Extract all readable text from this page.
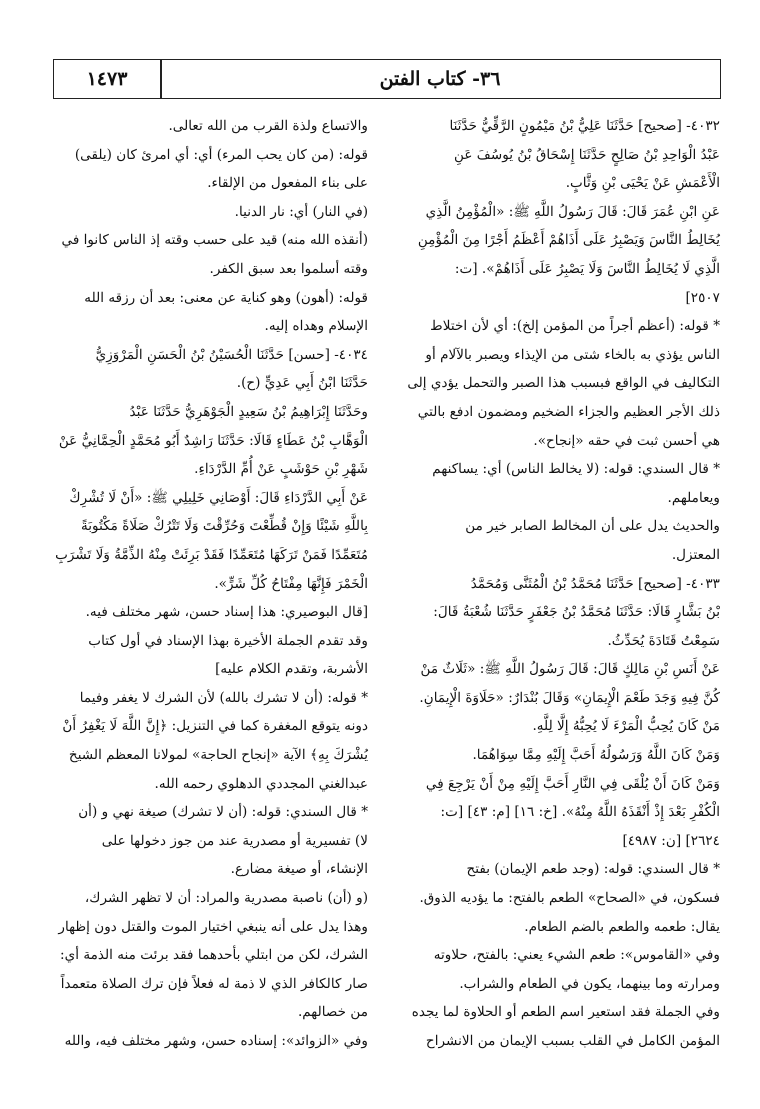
٣٦- كتاب الفتن
١٤٧٣

٤٠٣٢- [صحيح] حَدَّثَنَا عَلِيُّ بْنُ مَيْمُونٍ الرَّقِّيُّ حَدَّثَنَا

عَبْدُ الْوَاحِدِ بْنُ صَالِحٍ حَدَّثَنَا إِسْحَاقُ بْنُ يُوسُفَ عَنِ

الْأَعْمَشِ عَنْ يَحْيَى بْنِ وَثَّابٍ.

عَنِ ابْنِ عُمَرَ قَالَ: قَالَ رَسُولُ اللَّهِ ﷺ: «الْمُؤْمِنُ الَّذِي

يُخَالِطُ النَّاسَ وَيَصْبِرُ عَلَى أَذَاهُمْ أَعْظَمُ أَجْرًا مِنَ الْمُؤْمِنِ

الَّذِي لَا يُخَالِطُ النَّاسَ وَلَا يَصْبِرُ عَلَى أَذَاهُمْ». [ت:

٢٥٠٧]

* قوله: (أعظم أجراً من المؤمن إلخ): أي لأن اختلاط

الناس يؤذي به بالخاء شتى من الإيذاء ويصبر بالآلام أو

التكاليف في الواقع فبسبب هذا الصبر والتحمل يؤدي إلى

ذلك الأجر العظيم والجزاء الضخيم ومضمون ادفع بالتي

هي أحسن ثبت في حقه «إنجاح».

* قال السندي: قوله: (لا يخالط الناس) أي: يساكنهم

ويعاملهم.

والحديث يدل على أن المخالط الصابر خير من

المعتزل.

٤٠٣٣- [صحيح] حَدَّثَنَا مُحَمَّدُ بْنُ الْمُثَنَّى وَمُحَمَّدُ

بْنُ بَشَّارٍ قَالَا: حَدَّثَنَا مُحَمَّدُ بْنُ جَعْفَرٍ حَدَّثَنَا شُعْبَةُ قَالَ:

سَمِعْتُ قَتَادَةَ يُحَدِّثُ.

عَنْ أَنَسِ بْنِ مَالِكٍ قَالَ: قَالَ رَسُولُ اللَّهِ ﷺ: «ثَلَاثٌ مَنْ

كُنَّ فِيهِ وَجَدَ طَعْمَ الْإِيمَانِ» وَقَالَ بُنْدَارٌ: «حَلَاوَةَ الْإِيمَانِ.

مَنْ كَانَ يُحِبُّ الْمَرْءَ لَا يُحِبُّهُ إِلَّا لِلَّهِ.

وَمَنْ كَانَ اللَّهُ وَرَسُولُهُ أَحَبَّ إِلَيْهِ مِمَّا سِوَاهُمَا.

وَمَنْ كَانَ أَنْ يُلْقَى فِي النَّارِ أَحَبَّ إِلَيْهِ مِنْ أَنْ يَرْجِعَ فِي

الْكُفْرِ بَعْدَ إِذْ أَنْقَذَهُ اللَّهُ مِنْهُ». [خ: ١٦] [م: ٤٣] [ت:

٢٦٢٤] [ن: ٤٩٨٧]

* قال السندي: قوله: (وجد طعم الإيمان) بفتح

فسكون، في «الصحاح» الطعم بالفتح: ما يؤديه الذوق.

يقال: طعمه والطعم بالضم الطعام.

وفي «القاموس»: طعم الشيء يعني: بالفتح، حلاوته

ومرارته وما بينهما، يكون في الطعام والشراب.

وفي الجملة فقد استعير اسم الطعم أو الحلاوة لما يجده

المؤمن الكامل في القلب بسبب الإيمان من الانشراح

والاتساع ولذة القرب من الله تعالى.

قوله: (من كان يحب المرء) أي: أي امرئ كان (يلقى)

على بناء المفعول من الإلقاء.

(في النار) أي: نار الدنيا.

(أنقذه الله منه) قيد على حسب وقته إذ الناس كانوا في

وقته أسلموا بعد سبق الكفر.

قوله: (أهون) وهو كناية عن معنى: بعد أن رزقه الله

الإسلام وهداه إليه.

٤٠٣٤- [حسن] حَدَّثَنَا الْحُسَيْنُ بْنُ الْحَسَنِ الْمَرْوَزِيُّ

حَدَّثَنَا ابْنُ أَبِي عَدِيٍّ (ح).

وحَدَّثَنَا إِبْرَاهِيمُ بْنُ سَعِيدٍ الْجَوْهَرِيُّ حَدَّثَنَا عَبْدُ

الْوَهَّابِ بْنُ عَطَاءٍ قَالَا: حَدَّثَنَا رَاشِدٌ أَبُو مُحَمَّدٍ الْحِمَّانِيُّ عَنْ

شَهْرِ بْنِ حَوْشَبٍ عَنْ أُمِّ الدَّرْدَاءِ.

عَنْ أَبِي الدَّرْدَاءِ قَالَ: أَوْصَانِي خَلِيلِي ﷺ: «أَنْ لَا تُشْرِكْ

بِاللَّهِ شَيْئًا وَإِنْ قُطِّعْتَ وَحُرِّقْتَ وَلَا تَتْرُكْ صَلَاةً مَكْتُوبَةً

مُتَعَمِّدًا فَمَنْ تَرَكَهَا مُتَعَمِّدًا فَقَدْ بَرِئَتْ مِنْهُ الذِّمَّةُ وَلَا تَشْرَبِ

الْخَمْرَ فَإِنَّهَا مِفْتَاحُ كُلِّ شَرٍّ».

[قال البوصيري: هذا إسناد حسن، شهر مختلف فيه.

وقد تقدم الجملة الأخيرة بهذا الإسناد في أول كتاب

الأشربة، وتقدم الكلام عليه]

* قوله: (أن لا تشرك بالله) لأن الشرك لا يغفر وفيما

دونه يتوقع المغفرة كما في التنزيل: ﴿إِنَّ اللَّهَ لَا يَغْفِرُ أَنْ

يُشْرَكَ بِهِ﴾ الآية «إنجاح الحاجة» لمولانا المعظم الشيخ

عبدالغني المجددي الدهلوي رحمه الله.

* قال السندي: قوله: (أن لا تشرك) صيغة نهي و (أن

لا) تفسيرية أو مصدرية عند من جوز دخولها على

الإنشاء، أو صيغة مضارع.

(و (أن) ناصبة مصدرية والمراد: أن لا تظهر الشرك،

وهذا يدل على أنه ينبغي اختيار الموت والقتل دون إظهار

الشرك، لكن من ابتلي بأحدهما فقد برئت منه الذمة أي:

صار كالكافر الذي لا ذمة له فعلاً فإن ترك الصلاة متعمداً

من خصالهم.

وفي «الزوائد»: إسناده حسن، وشهر مختلف فيه، والله
